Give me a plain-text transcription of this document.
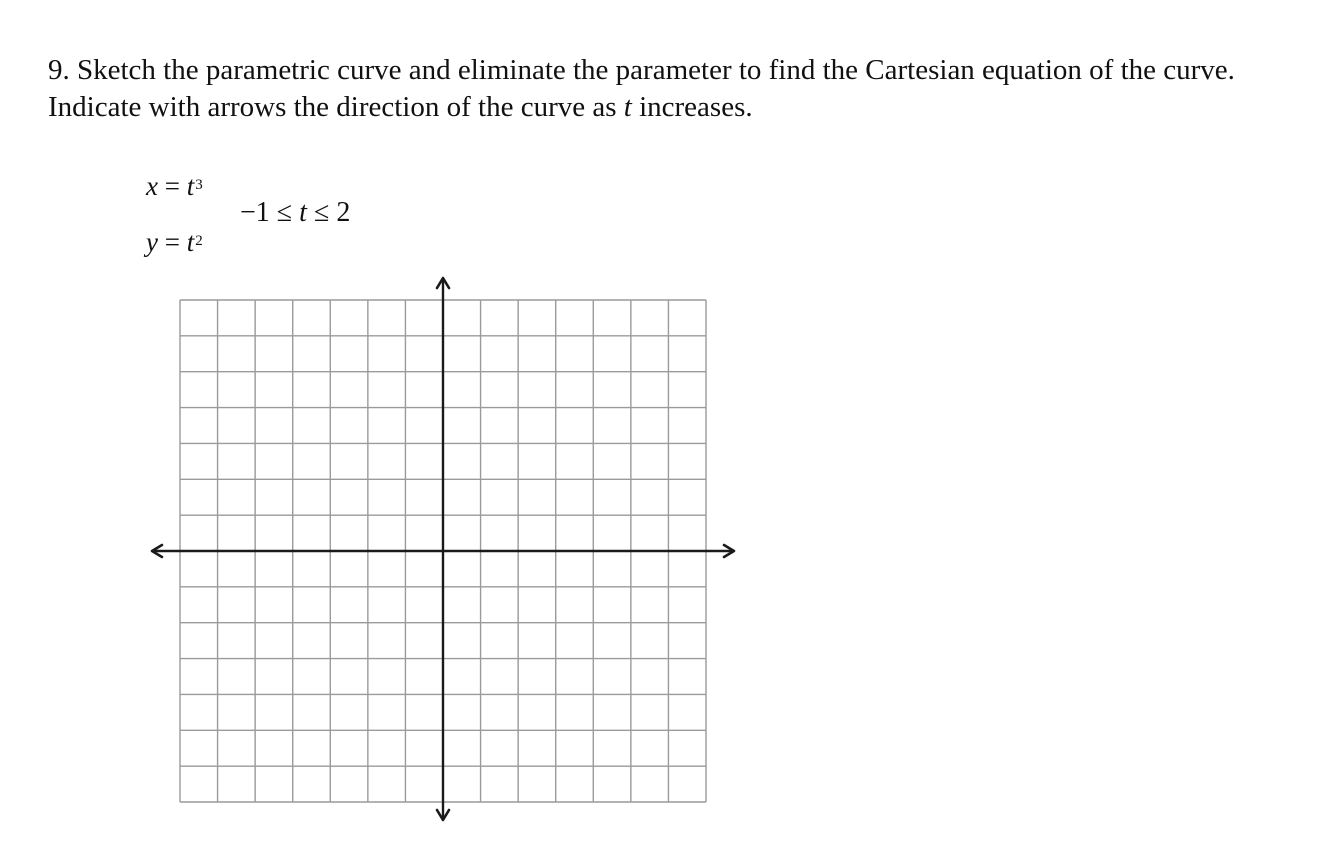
9. Sketch the parametric curve and eliminate the parameter to find the Cartesian equation of the curve. Indicate with arrows the direction of the curve as t increases.

$x = t^3$
−1 ≤ t ≤ 2
$y = t^2$
